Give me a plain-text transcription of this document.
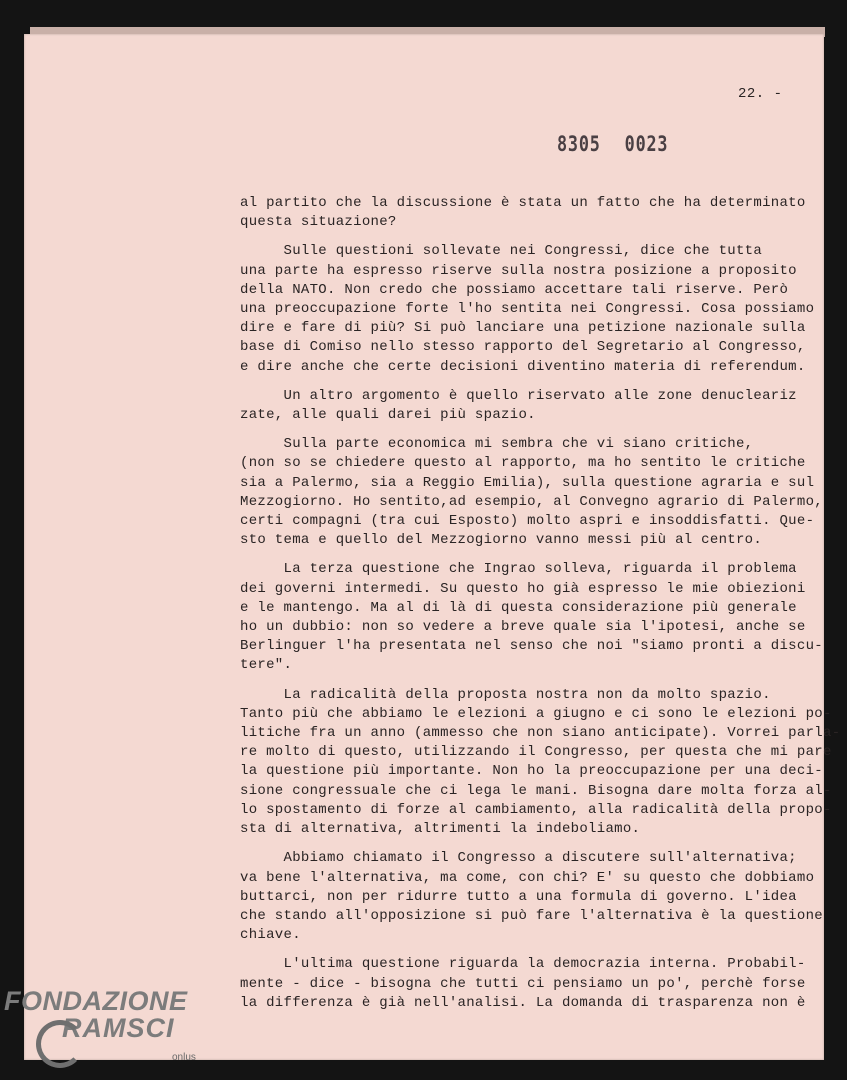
22. -
8305 0023

al partito che la discussione è stata un fatto che ha determinato
questa situazione?

Sulle questioni sollevate nei Congressi, dice che tutta
una parte ha espresso riserve sulla nostra posizione a proposito
della NATO. Non credo che possiamo accettare tali riserve. Però
una preoccupazione forte l'ho sentita nei Congressi. Cosa possiamo
dire e fare di più? Si può lanciare una petizione nazionale sulla
base di Comiso nello stesso rapporto del Segretario al Congresso,
e dire anche che certe decisioni diventino materia di referendum.

Un altro argomento è quello riservato alle zone denucleariz
zate, alle quali darei più spazio.

Sulla parte economica mi sembra che vi siano critiche,
(non so se chiedere questo al rapporto, ma ho sentito le critiche
sia a Palermo, sia a Reggio Emilia), sulla questione agraria e sul
Mezzogiorno. Ho sentito,ad esempio, al Convegno agrario di Palermo,
certi compagni (tra cui Esposto) molto aspri e insoddisfatti. Que-
sto tema e quello del Mezzogiorno vanno messi più al centro.

La terza questione che Ingrao solleva, riguarda il problema
dei governi intermedi. Su questo ho già espresso le mie obiezioni
e le mantengo. Ma al di là di questa considerazione più generale
ho un dubbio: non so vedere a breve quale sia l'ipotesi, anche se
Berlinguer l'ha presentata nel senso che noi "siamo pronti a discu-
tere".

La radicalità della proposta nostra non da molto spazio.
Tanto più che abbiamo le elezioni a giugno e ci sono le elezioni po-
litiche fra un anno (ammesso che non siano anticipate). Vorrei parla-
re molto di questo, utilizzando il Congresso, per questa che mi pare
la questione più importante. Non ho la preoccupazione per una deci-
sione congressuale che ci lega le mani. Bisogna dare molta forza al-
lo spostamento di forze al cambiamento, alla radicalità della propo-
sta di alternativa, altrimenti la indeboliamo.

Abbiamo chiamato il Congresso a discutere sull'alternativa;
va bene l'alternativa, ma come, con chi? E' su questo che dobbiamo
buttarci, non per ridurre tutto a una formula di governo. L'idea
che stando all'opposizione si può fare l'alternativa è la questione
chiave.

L'ultima questione riguarda la democrazia interna. Probabil-
mente - dice - bisogna che tutti ci pensiamo un po', perchè forse
la differenza è già nell'analisi. La domanda di trasparenza non è

FONDAZIONE
RAMSCI
onlus
